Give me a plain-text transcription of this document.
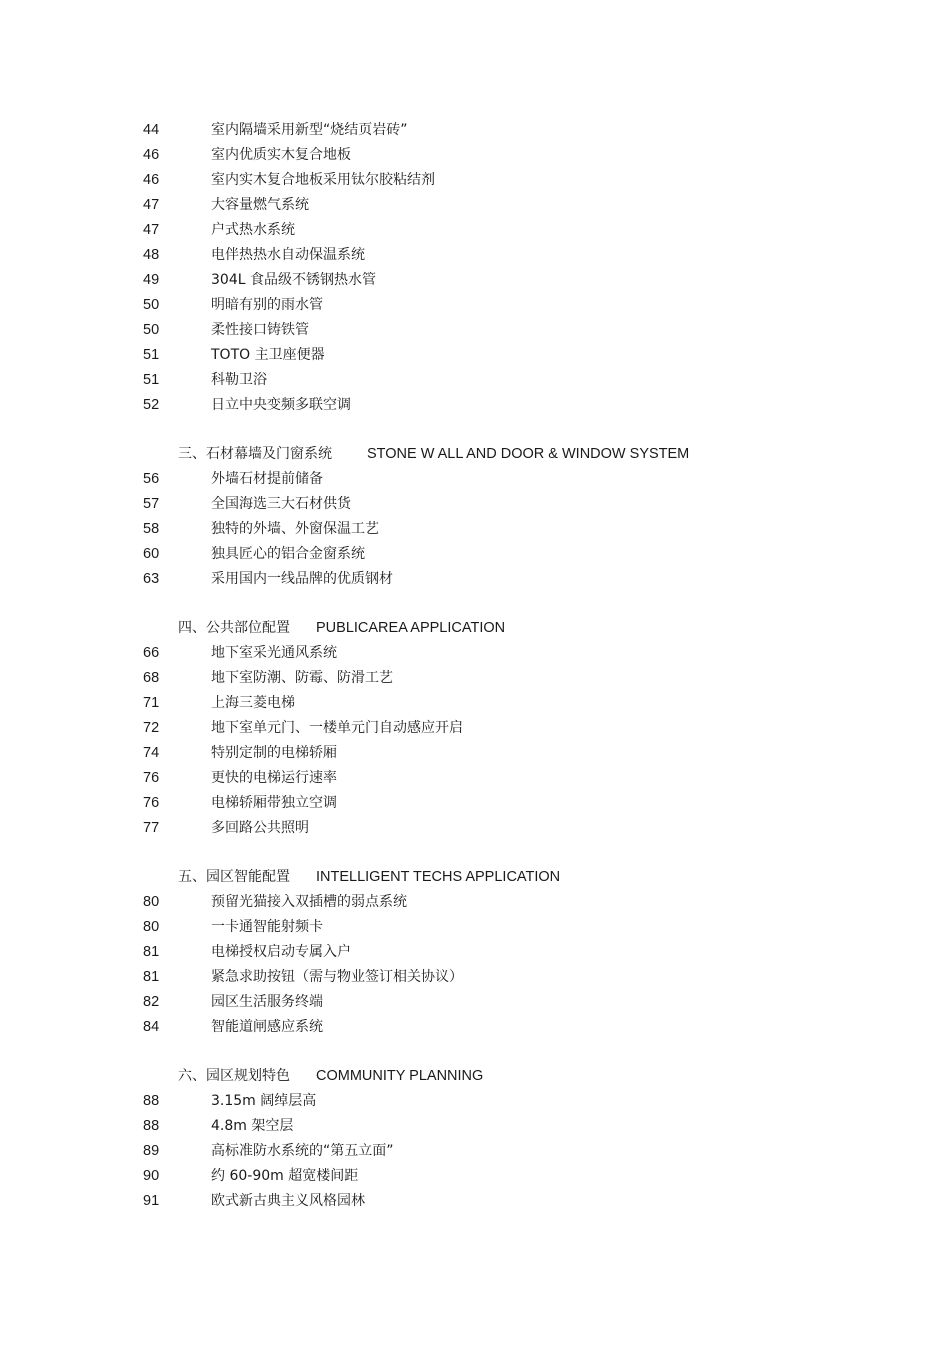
44	室内隔墙采用新型“烧结页岩砖”
46	室内优质实木复合地板
46	室内实木复合地板采用钛尔胶粘结剂
47	大容量燃气系统
47	户式热水系统
48	电伴热热水自动保温系统
49	304L 食品级不锈钢热水管
50	明暗有别的雨水管
50	柔性接口铸铁管
51	TOTO 主卫座便器
51	科勒卫浴
52	日立中央变频多联空调
三、石材幕墙及门窗系统 STONE W ALL AND DOOR & WINDOW SYSTEM
56	外墙石材提前储备
57	全国海选三大石材供货
58	独特的外墙、外窗保温工艺
60	独具匠心的铝合金窗系统
63	采用国内一线品牌的优质钢材
四、公共部位配置 PUBLICAREA APPLICATION
66	地下室采光通风系统
68	地下室防潮、防霉、防滑工艺
71	上海三菱电梯
72	地下室单元门、一楼单元门自动感应开启
74	特别定制的电梯轿厢
76	更快的电梯运行速率
76	电梯轿厢带独立空调
77	多回路公共照明
五、园区智能配置 INTELLIGENT TECHS APPLICATION
80	预留光猫接入双插槽的弱点系统
80	一卡通智能射频卡
81	电梯授权启动专属入户
81	紧急求助按钮（需与物业签订相关协议）
82	园区生活服务终端
84	智能道闸感应系统
六、园区规划特色 COMMUNITY PLANNING
88	3.15m 阔绰层高
88	4.8m 架空层
89	高标准防水系统的“第五立面”
90	约 60-90m 超宽楼间距
91	欧式新古典主义风格园林
